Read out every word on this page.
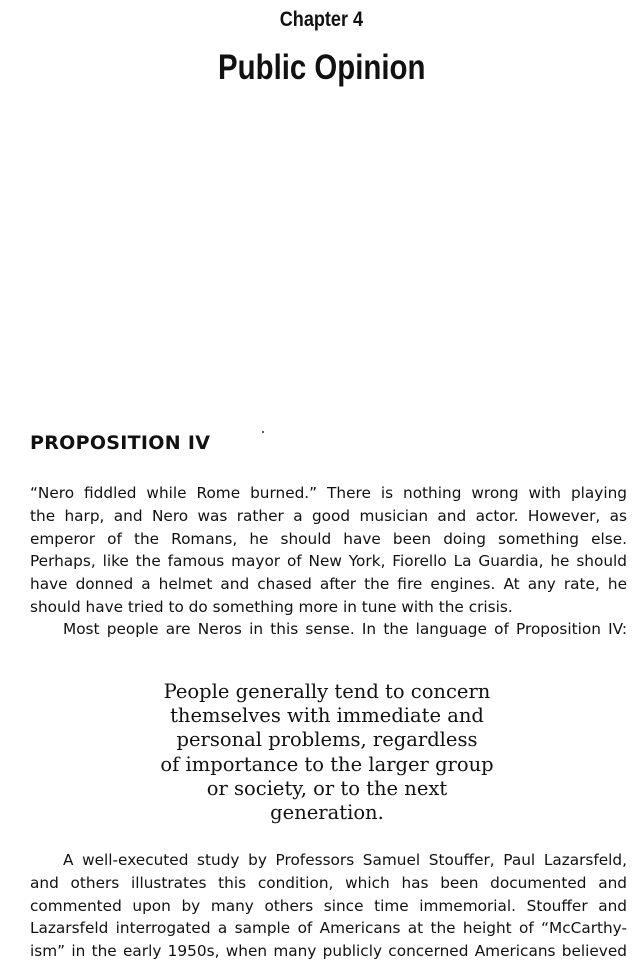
Chapter 4
Public Opinion
PROPOSITION IV
“Nero fiddled while Rome burned.” There is nothing wrong with playing
the harp, and Nero was rather a good musician and actor. However, as
emperor of the Romans, he should have been doing something else.
Perhaps, like the famous mayor of New York, Fiorello La Guardia, he should
have donned a helmet and chased after the fire engines. At any rate, he
should have tried to do something more in tune with the crisis.
Most people are Neros in this sense. In the language of Proposition IV:
People generally tend to concern
themselves with immediate and
personal problems, regardless
of importance to the larger group
or society, or to the next
generation.
A well-executed study by Professors Samuel Stouffer, Paul Lazarsfeld,
and others illustrates this condition, which has been documented and
commented upon by many others since time immemorial. Stouffer and
Lazarsfeld interrogated a sample of Americans at the height of “McCarthy-
ism” in the early 1950s, when many publicly concerned Americans believed
